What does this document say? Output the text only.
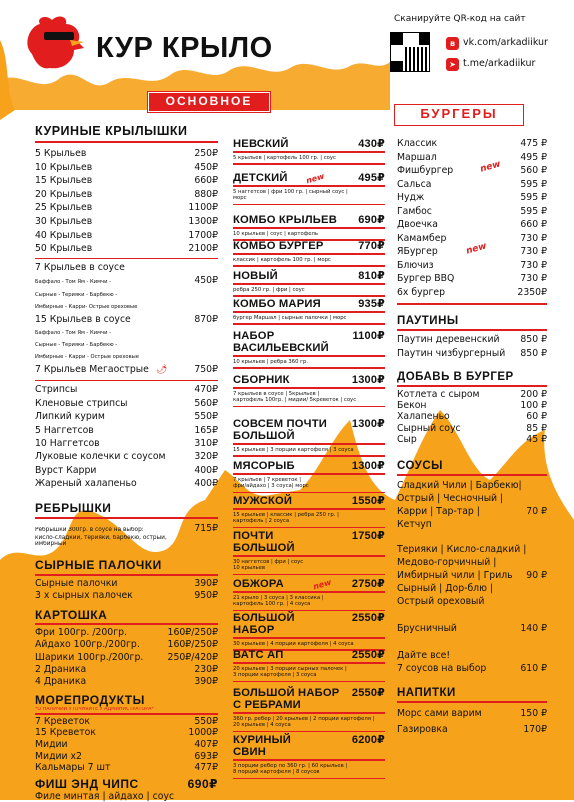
КУР КРЫЛО
Сканируйте QR-код на сайт
в vk.com/arkadiikur
➤ t.me/arkadiikur
ОСНОВНОЕ
БУРГЕРЫ
КУРИНЫЕ КРЫЛЫШКИ
5 Крыльев	250₽
10 Крыльев	450₽
15 Крыльев	660₽
20 Крыльев	880₽
25 Крыльев	1100₽
30 Крыльев	1300₽
40 Крыльев	1700₽
50 Крыльев	2100₽
7 Крыльев в соусе
Баффало - Том Ям - Кимчи -	450₽
Сырные - Терияки - Барбекю -
Имбирные - Карри- Острые ореховые
15 Крыльев в соусе	870₽
Баффало - Том Ям - Кимчи -
Сырные - Терияки - Барбекю -
Имбирные - Карри - Острые ореховые
7 Крыльев Мегаострые 🌶	750₽
Стрипсы	470₽
Кленовые стрипсы	560₽
Липкий курим	550₽
5 Наггетсов	165₽
10 Наггетсов	310₽
Луковые колечки с соусом	320₽
Вурст Карри	400₽
Жареный халапеньо	400₽
РЕБРЫШКИ
Ребрышки 300гр. в соусе на выбор:	715₽
кисло-сладкий, терияки, барбекю, острый,
имбирный
СЫРНЫЕ ПАЛОЧКИ
Сырные палочки	390₽
3 х сырных палочек	950₽
КАРТОШКА
Фри 100гр. /200гр.	160₽/250₽
Айдахо 100гр./200гр.	160₽/250₽
Шарики 100гр./200гр.	250₽/420₽
2 Драника	230₽
4 Драника	390₽
МОРЕПРОДУКТЫ
*О НАЛИЧИИ УТОЧНЯЙТЕ У АДМИНИСТРАТОРА*
7 Креветок	550₽
15 Креветок	1000₽
Мидии	407₽
Мидии х2	693₽
Кальмары 7 шт	477₽
ФИШ ЭНД ЧИПС	690₽
Филе минтая | айдахо | соус
НЕВСКИЙ	430₽
5 крыльев | картофель 100 гр. | соус
ДЕТСКИЙ	495₽
5 наггетсов | фри 100 гр. | сырный соус |
морс
КОМБО КРЫЛЬЕВ 690₽
10 крыльев | соус | картофель
КОМБО БУРГЕР	770₽
классик | картофель 100 гр. | морс
НОВЫЙ	810₽
ребра 250 гр. | фри | соус
КОМБО МАРИЯ	935₽
бургер Маршал | сырные палочки | морс
НАБОР	1100₽
ВАСИЛЬЕВСКИЙ
10 крыльев | ребра 360 гр.
СБОРНИК	1300₽
7 крыльев в соусе | 5крыльев |
картофель 100гр. | мидии/ 5креветок | соус
СОВСЕМ ПОЧТИ 1300₽
БОЛЬШОЙ
15 крыльев | 3 порции картофеля | 3 соуса
МЯСОРЫБ	1300₽
7 крыльев | 7 креветок |
фри/айдахо | 3 соуса| морс
МУЖСКОЙ	1550₽
15 крыльев | классик | ребра 250 гр. |
картофель | 2 соуса
ПОЧТИ	1750₽
БОЛЬШОЙ
30 наггетсов | фри | соус
10 крыльев
ОБЖОРА	2750₽
21 крыло | 3 соуса | 3 классика |
картофель 100 гр. | 4 соуса
БОЛЬШОЙ	2550₽
НАБОР
30 крыльев | 4 порции картофеля | 4 соуса
ВАТС АП	2550₽
20 крыльев | 3 порции сырных палочек |
3 порции картофеля | 3 соуса
БОЛЬШОЙ НАБОР 2550₽
С РЕБРАМИ
360 гр. ребер | 20 крыльев | 2 порции картофеля |
20 крыльев | 4 соуса
КУРИНЫЙ	6200₽
СВИН
3 порции ребер по 360 гр. | 60 крыльев |
8 порций картофеля | 8 соусов
Классик	475 ₽
Маршал	495 ₽
Фишбургер	560 ₽
Сальса	595 ₽
Нудж	595 ₽
Гамбос	595 ₽
Двоечка	660 ₽
Камамбер	730 ₽
ЯБургер	730 ₽
Блючиз	730 ₽
Бургер BBQ	730 ₽
6х бургер	2350₽
ПАУТИНЫ
Паутин деревенский 850 ₽
Паутин чизбургерный 850 ₽
ДОБАВЬ В БУРГЕР
Котлета с сыром	200 ₽
Бекон	100 ₽
Халапеньо	60 ₽
Сырный соус	85 ₽
Сыр	45 ₽
СОУСЫ
Сладкий Чили | Барбекю|
Острый | Чесночный |
Карри | Тар-тар |
Кетчуп
70 ₽
Терияки | Кисло-сладкий |
Медово-горчичный |
Имбирный чили | Гриль
Сырный | Дор-блю |
Острый ореховый
90 ₽
Брусничный	140 ₽
Дайте все!
7 соусов на выбор	610 ₽
НАПИТКИ
Морс сами варим	150 ₽
Газировка	170₽
new
new
new
new
